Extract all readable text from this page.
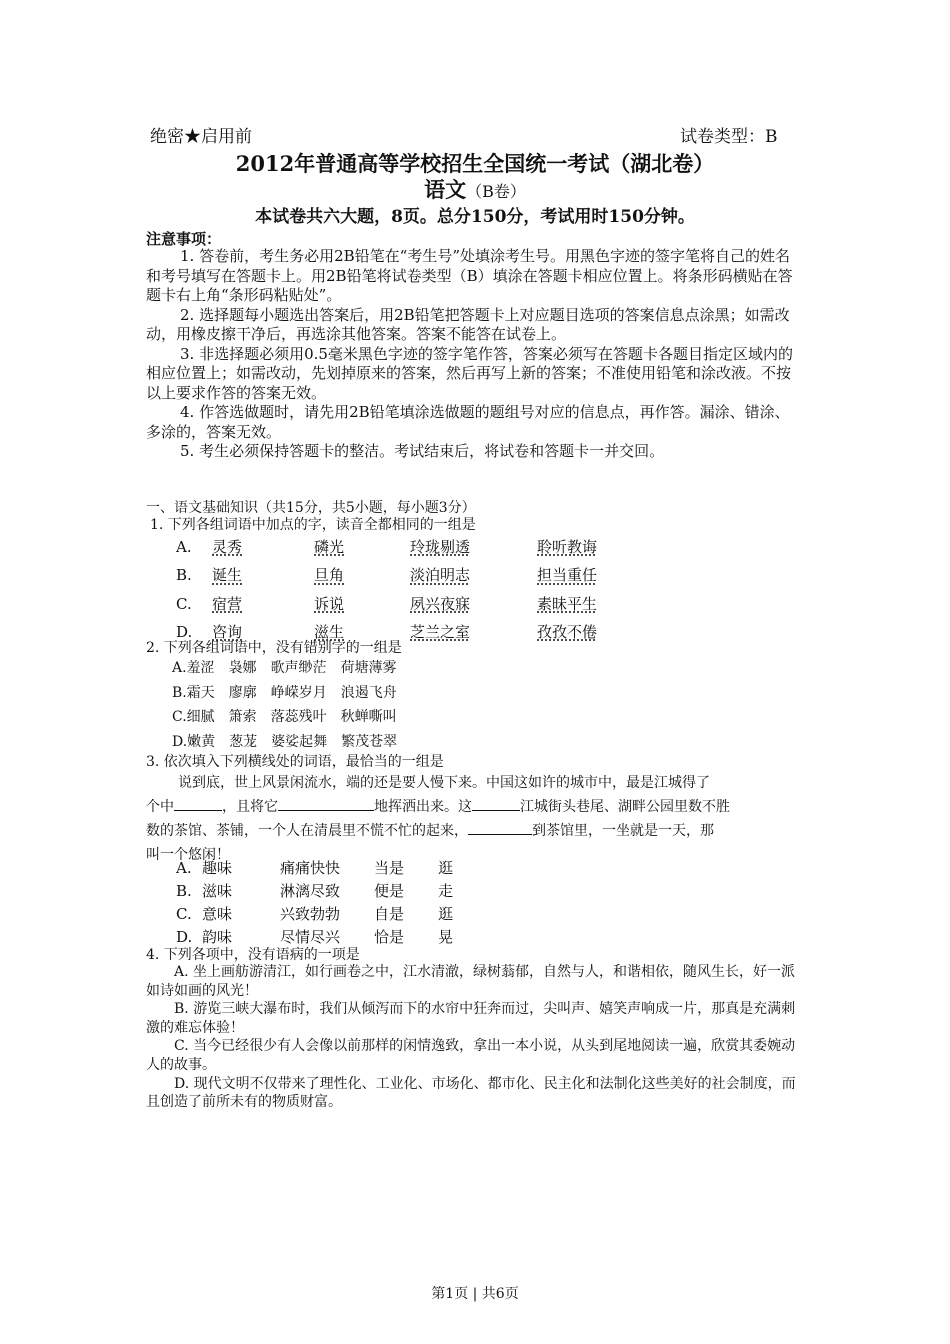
绝密★启用前	试卷类型：B
2012年普通高等学校招生全国统一考试（湖北卷）
语文（B卷）
本试卷共六大题，8页。总分150分，考试用时150分钟。
注意事项：
1. 答卷前，考生务必用2B铅笔在“考生号”处填涂考生号。用黑色字迹的签字笔将自己的姓名和考号填写在答题卡上。用2B铅笔将试卷类型（B）填涂在答题卡相应位置上。将条形码横贴在答题卡右上角“条形码粘贴处”。
2. 选择题每小题选出答案后，用2B铅笔把答题卡上对应题目选项的答案信息点涂黑；如需改动，用橡皮擦干净后，再选涂其他答案。答案不能答在试卷上。
3. 非选择题必须用0.5毫米黑色字迹的签字笔作答，答案必须写在答题卡各题目指定区域内的相应位置上；如需改动，先划掉原来的答案，然后再写上新的答案；不准使用铅笔和涂改液。不按以上要求作答的答案无效。
4. 作答选做题时，请先用2B铅笔填涂选做题的题组号对应的信息点，再作答。漏涂、错涂、多涂的，答案无效。
5. 考生必须保持答题卡的整洁。考试结束后，将试卷和答题卡一并交回。
一、语文基础知识（共15分，共5小题，每小题3分）
1. 下列各组词语中加点的字，读音全都相同的一组是
A.	灵秀	磷光	玲珑剔透	聆听教诲
B.	诞生	旦角	淡泊明志	担当重任
C.	宿营	诉说	夙兴夜寐	素昧平生
D.	咨询	滋生	芝兰之室	孜孜不倦
2. 下列各组词语中，没有错别字的一组是
A.羞涩　袅娜　歌声缈茫　荷塘薄雾
B.霜天　廖廓　峥嵘岁月　浪遏飞舟
C.细腻　箫索　落蕊残叶　秋蝉嘶叫
D.嫩黄　葱茏　婆娑起舞　繁茂苍翠
3. 依次填入下列横线处的词语，最恰当的一组是
说到底，世上风景闲流水，端的还是要人慢下来。中国这如许的城市中，最是江城得了
个中	，且将它	地挥洒出来。这	江城街头巷尾、湖畔公园里数不胜
数的茶馆、茶铺，一个人在清晨里不慌不忙的起来，	到茶馆里，一坐就是一天，那
叫一个悠闲！
A. 趣味	痛痛快快	当是	逛
B. 滋味	淋漓尽致	便是	走
C. 意味	兴致勃勃	自是	逛
D. 韵味	尽情尽兴	恰是	晃
4. 下列各项中，没有语病的一项是
A. 坐上画舫游清江，如行画卷之中，江水清澈，绿树蓊郁，自然与人，和谐相依，随风生长，好一派如诗如画的风光！
B. 游览三峡大瀑布时，我们从倾泻而下的水帘中狂奔而过，尖叫声、嬉笑声响成一片，那真是充满刺激的难忘体验！
C. 当今已经很少有人会像以前那样的闲情逸致，拿出一本小说，从头到尾地阅读一遍，欣赏其委婉动人的故事。
D. 现代文明不仅带来了理性化、工业化、市场化、都市化、民主化和法制化这些美好的社会制度，而且创造了前所未有的物质财富。
第1页 | 共6页
